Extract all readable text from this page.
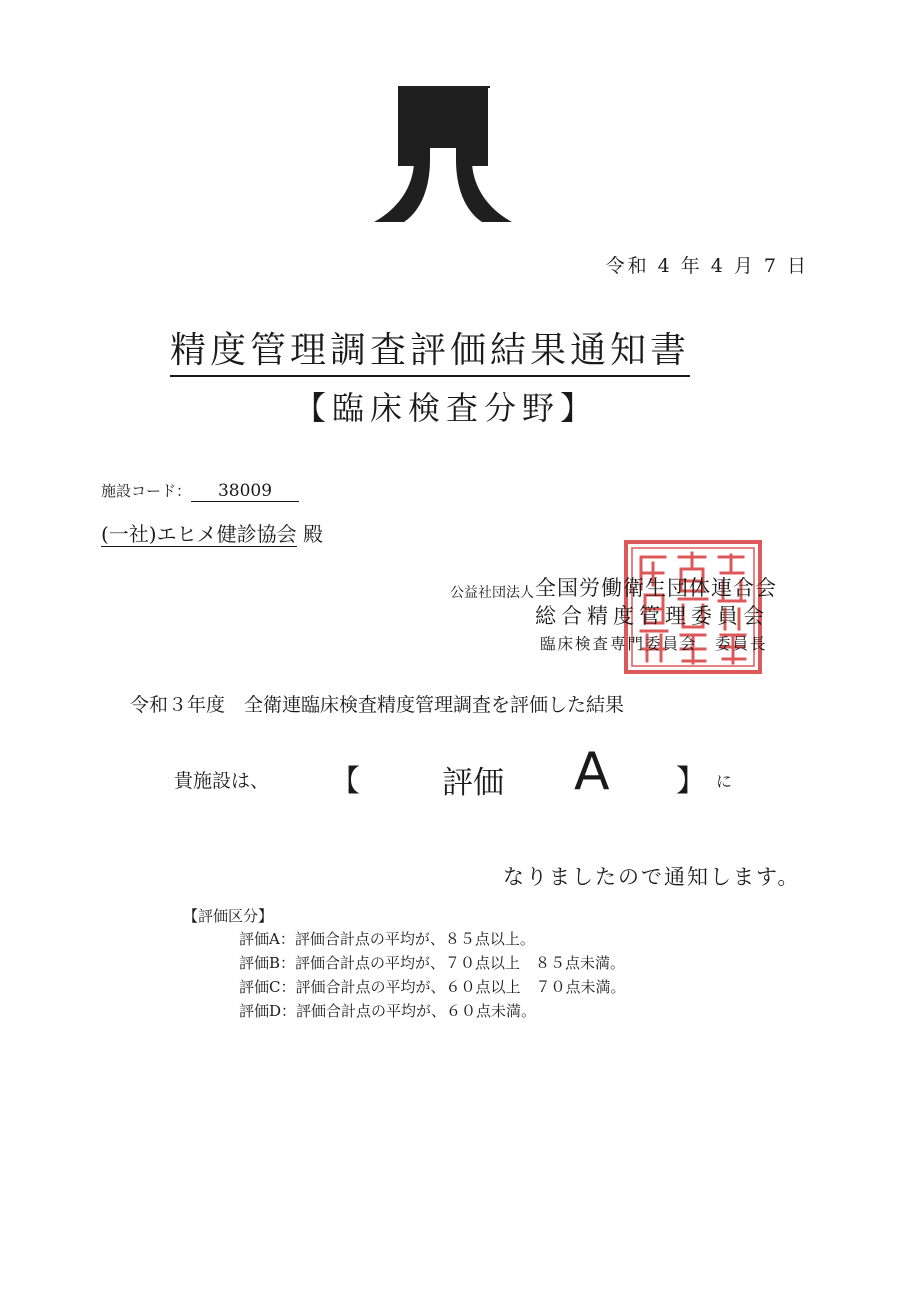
令和 4 年 4 月 7 日
精度管理調査評価結果通知書
【臨床検査分野】
施設コード： 38009
(一社)エヒメ健診協会 殿	全国労働衛生団体連合会総合精度管理委員会臨床検査専門委員長之印
公益社団法人 全国労働衛生団体連合会
総合精度管理委員会
臨床検査専門委員会　委員長
令和３年度　全衛連臨床検査精度管理調査を評価した結果
貴施設は、 【	評価 A 】 に
なりましたので通知します。
【評価区分】
評価A：評価合計点の平均が、８５点以上。
評価B：評価合計点の平均が、７０点以上　８５点未満。
評価C：評価合計点の平均が、６０点以上　７０点未満。
評価D：評価合計点の平均が、６０点未満。
